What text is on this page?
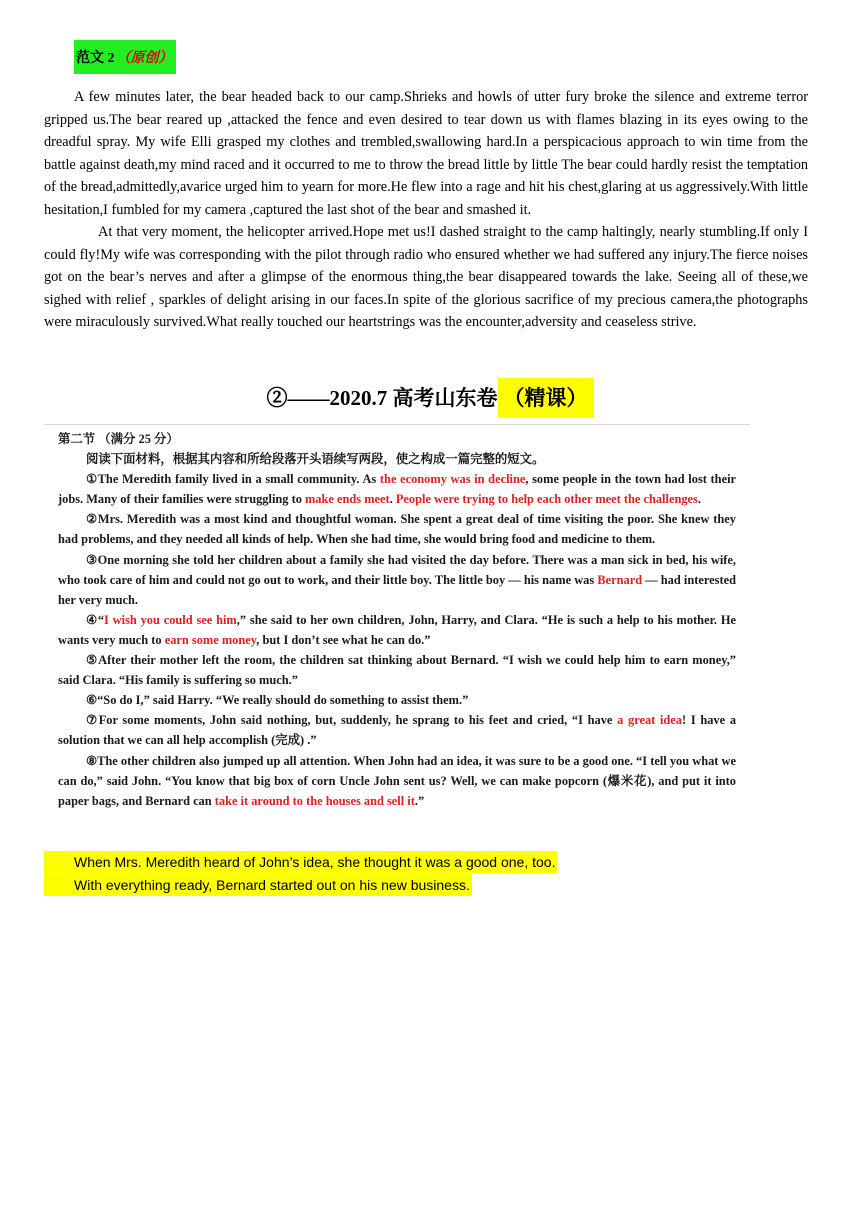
范文 2 （原创）

A few minutes later, the bear headed back to our camp.Shrieks and howls of utter fury broke the silence and extreme terror gripped us.The bear reared up ,attacked the fence and even desired to tear down us with flames blazing in its eyes owing to the dreadful spray. My wife Elli grasped my clothes and trembled,swallowing hard.In a perspicacious approach to win time from the battle against death,my mind raced and it occurred to me to throw the bread little by little The bear could hardly resist the temptation of the bread,admittedly,avarice urged him to yearn for more.He flew into a rage and hit his chest,glaring at us aggressively.With little hesitation,I fumbled for my camera ,captured the last shot of the bear and smashed it.

At that very moment, the helicopter arrived.Hope met us!I dashed straight to the camp haltingly, nearly stumbling.If only I could fly!My wife was corresponding with the pilot through radio who ensured whether we had suffered any injury.The fierce noises got on the bear’s nerves and after a glimpse of the enormous thing,the bear disappeared towards the lake. Seeing all of these,we sighed with relief , sparkles of delight arising in our faces.In spite of the glorious sacrifice of my precious camera,the photographs were miraculously survived.What really touched our heartstrings was the encounter,adversity and ceaseless strive.

②——2020.7 高考山东卷 （精课）

第二节 （满分 25 分）

阅读下面材料，根据其内容和所给段落开头语续写两段，使之构成一篇完整的短文。

①The Meredith family lived in a small community. As the economy was in decline, some people in the town had lost their jobs. Many of their families were struggling to make ends meet. People were trying to help each other meet the challenges.

②Mrs. Meredith was a most kind and thoughtful woman. She spent a great deal of time visiting the poor. She knew they had problems, and they needed all kinds of help. When she had time, she would bring food and medicine to them.

③One morning she told her children about a family she had visited the day before. There was a man sick in bed, his wife, who took care of him and could not go out to work, and their little boy. The little boy — his name was Bernard — had interested her very much.

④“I wish you could see him,” she said to her own children, John, Harry, and Clara. “He is such a help to his mother. He wants very much to earn some money, but I don’t see what he can do.”

⑤After their mother left the room, the children sat thinking about Bernard. “I wish we could help him to earn money,” said Clara. “His family is suffering so much.”

⑥“So do I,” said Harry. “We really should do something to assist them.”

⑦For some moments, John said nothing, but, suddenly, he sprang to his feet and cried, “I have a great idea! I have a solution that we can all help accomplish (完成) .”

⑧The other children also jumped up all attention. When John had an idea, it was sure to be a good one. “I tell you what we can do,” said John. “You know that big box of corn Uncle John sent us? Well, we can make popcorn (爆米花), and put it into paper bags, and Bernard can take it around to the houses and sell it.”

When Mrs. Meredith heard of John’s idea, she thought it was a good one, too.
With everything ready, Bernard started out on his new business.
